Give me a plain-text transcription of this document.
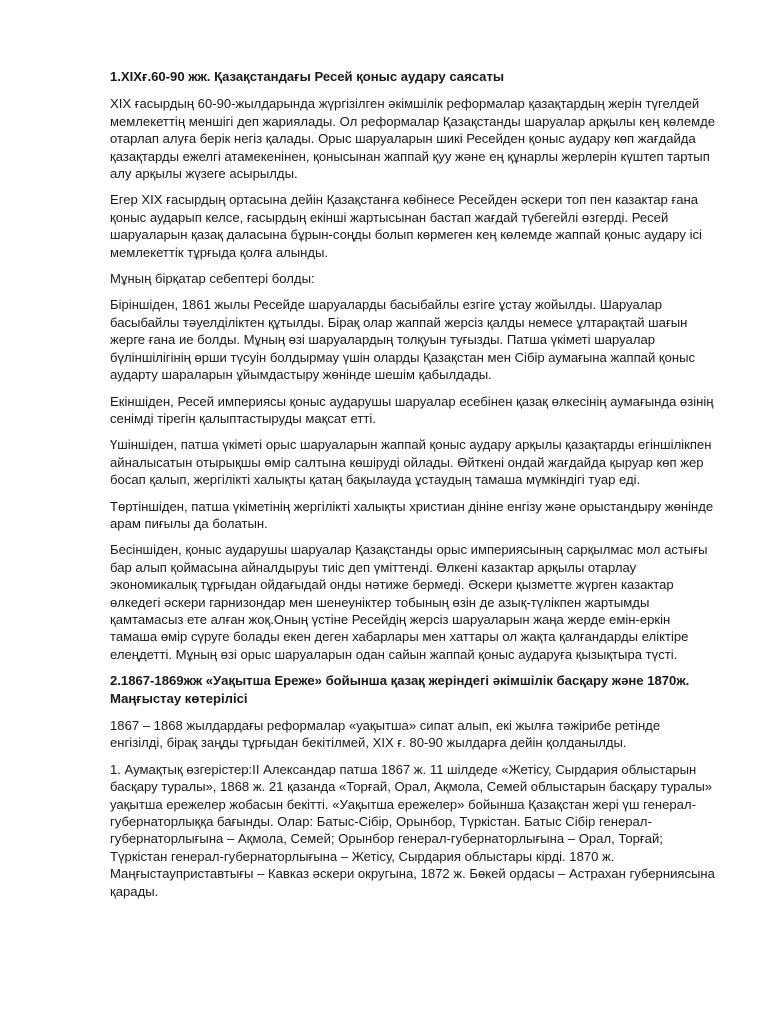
1.XIXғ.60-90 жж. Қазақстандағы Ресей қоныс аудару саясаты

XIX ғасырдың 60-90-жылдарында жүргізілген әкімшілік реформалар қазақтардың жерін түгелдей мемлекеттің меншігі деп жариялады. Ол реформалар Қазақстанды шаруалар арқылы кең көлемде отарлап алуға берік негіз қалады. Орыс шаруаларын шикі Ресейден қоныс аудару көп жағдайда қазақтарды ежелгі атамекенінен, қонысынан жаппай қуу және ең құнарлы жерлерін күштеп тартып алу арқылы жүзеге асырылды.

Егер XIX ғасырдың ортасына дейін Қазақстанға көбінесе Ресейден әскери топ пен казактар ғана қоныс аударып келсе, ғасырдың екінші жартысынан бастап жағдай түбегейлі өзгерді. Ресей шаруаларын қазақ даласына бұрын-соңды болып көрмеген кең көлемде жаппай қоныс аудару ісі мемлекеттік тұрғыда қолға алынды.

Мұның бірқатар себептері болды:

Біріншіден, 1861 жылы Ресейде шаруаларды басыбайлы езгіге ұстау жойылды. Шаруалар басыбайлы тәуелділіктен құтылды. Бірақ олар жаппай жерсіз қалды немесе ұлтарақтай шағын жерге ғана ие болды. Мұның өзі шаруалардың толқуын туғызды. Патша үкіметі шаруалар бүліншілігінің өрши түсуін болдырмау үшін оларды Қазақстан мен Сібір аумағына жаппай қоныс аударту шараларын ұйымдастыру жөнінде шешім қабылдады.

Екіншіден, Ресей империясы қоныс аударушы шаруалар есебінен қазақ өлкесінің аумағында өзінің сенімді тірегін қалыптастыруды мақсат етті.

Үшіншіден, патша үкіметі орыс шаруаларын жаппай қоныс аудару арқылы қазақтарды егіншілікпен айналысатын отырықшы өмір салтына көшіруді ойлады. Өйткені ондай жағдайда қыруар көп жер босап қалып, жергілікті халықты қатаң бақылауда ұстаудың тамаша мүмкіндігі туар еді.

Төртіншіден, патша үкіметінің жергілікті халықты христиан дініне енгізу және орыстандыру жөнінде арам пиғылы да болатын.

Бесіншіден, қоныс аударушы шаруалар Қазақстанды орыс империясының сарқылмас мол астығы бар алып қоймасына айналдыруы тиіс деп үміттенді. Өлкені казактар арқылы отарлау экономикалық тұрғыдан ойдағыдай онды нәтиже бермеді. Әскери қызметте жүрген казактар өлкедегі әскери гарнизондар мен шенеуніктер тобының өзін де азық-түлікпен жартымды қамтамасыз ете алған жоқ.Оның үстіне Ресейдің жерсіз шаруаларын жаңа жерде емін-еркін тамаша өмір сүруге болады екен деген хабарлары мен хаттары ол жақта қалғандарды еліктіре елеңдетті. Мұның өзі орыс шаруаларын одан сайын жаппай қоныс аударуға қызықтыра түсті.

2.1867-1869жж «Уақытша Ереже» бойынша қазақ жеріндегі әкімшілік басқару және 1870ж. Маңғыстау көтерілісі

1867 – 1868 жылдардағы реформалар «уақытша» сипат алып, екі жылға тәжірибе ретінде енгізілді, бірақ заңды тұрғыдан бекітілмей, XIX ғ. 80-90 жылдарға дейін қолданылды.

1. Аумақтық өзгерістер:II Александар патша 1867 ж. 11 шілдеде «Жетісу, Сырдария облыстарын басқару туралы», 1868 ж. 21 қазанда «Торғай, Орал, Ақмола, Семей облыстарын басқару туралы» уақытша ережелер жобасын бекітті. «Уақытша ережелер» бойынша Қазақстан жері үш генерал-губернаторлыққа бағынды. Олар: Батыс-Сібір, Орынбор, Түркістан. Батыс Сібір генерал-губернаторлығына – Ақмола, Семей; Орынбор генерал-губернаторлығына – Орал, Торғай; Түркістан генерал-губернаторлығына – Жетісу, Сырдария облыстары кірді. 1870 ж. Маңғыстауприставтығы – Кавказ әскери округына, 1872 ж. Бөкей ордасы – Астрахан губерниясына қарады.
